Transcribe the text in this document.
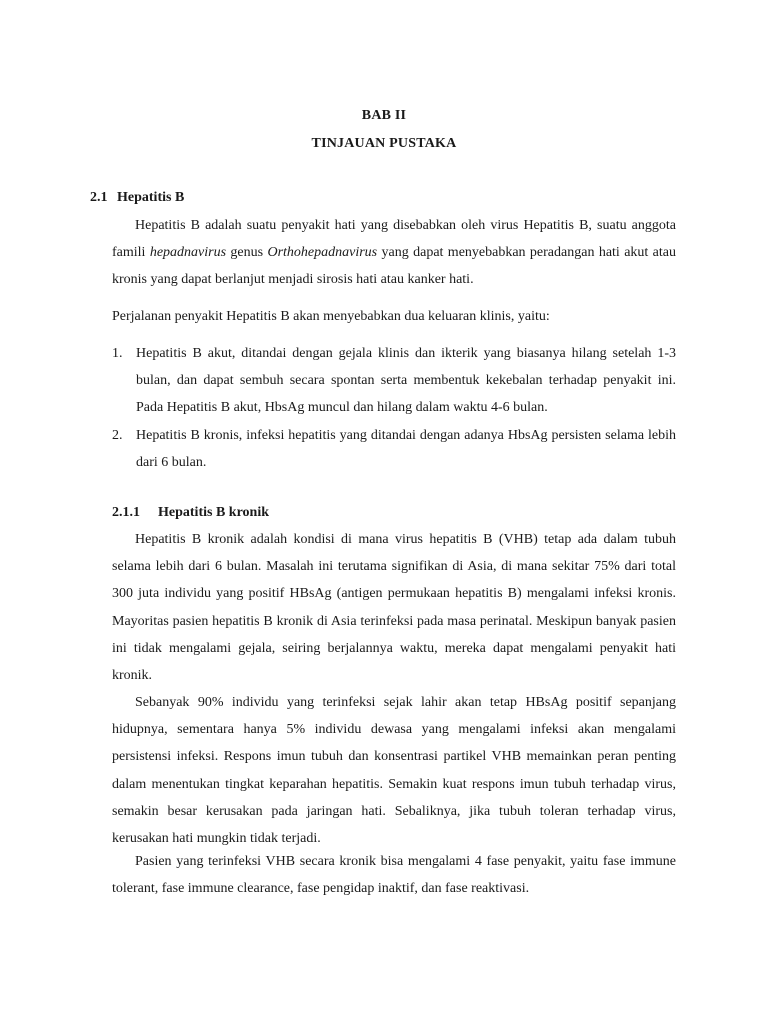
BAB II
TINJAUAN PUSTAKA
2.1 Hepatitis B

Hepatitis B adalah suatu penyakit hati yang disebabkan oleh virus Hepatitis B, suatu anggota famili hepadnavirus genus Orthohepadnavirus yang dapat menyebabkan peradangan hati akut atau kronis yang dapat berlanjut menjadi sirosis hati atau kanker hati.

Perjalanan penyakit Hepatitis B akan menyebabkan dua keluaran klinis, yaitu:

1. Hepatitis B akut, ditandai dengan gejala klinis dan ikterik yang biasanya hilang setelah 1-3 bulan, dan dapat sembuh secara spontan serta membentuk kekebalan terhadap penyakit ini. Pada Hepatitis B akut, HbsAg muncul dan hilang dalam waktu 4-6 bulan.
2. Hepatitis B kronis, infeksi hepatitis yang ditandai dengan adanya HbsAg persisten selama lebih dari 6 bulan.
2.1.1 Hepatitis B kronik

Hepatitis B kronik adalah kondisi di mana virus hepatitis B (VHB) tetap ada dalam tubuh selama lebih dari 6 bulan. Masalah ini terutama signifikan di Asia, di mana sekitar 75% dari total 300 juta individu yang positif HBsAg (antigen permukaan hepatitis B) mengalami infeksi kronis. Mayoritas pasien hepatitis B kronik di Asia terinfeksi pada masa perinatal. Meskipun banyak pasien ini tidak mengalami gejala, seiring berjalannya waktu, mereka dapat mengalami penyakit hati kronik.

Sebanyak 90% individu yang terinfeksi sejak lahir akan tetap HBsAg positif sepanjang hidupnya, sementara hanya 5% individu dewasa yang mengalami infeksi akan mengalami persistensi infeksi. Respons imun tubuh dan konsentrasi partikel VHB memainkan peran penting dalam menentukan tingkat keparahan hepatitis. Semakin kuat respons imun tubuh terhadap virus, semakin besar kerusakan pada jaringan hati. Sebaliknya, jika tubuh toleran terhadap virus, kerusakan hati mungkin tidak terjadi.

Pasien yang terinfeksi VHB secara kronik bisa mengalami 4 fase penyakit, yaitu fase immune tolerant, fase immune clearance, fase pengidap inaktif, dan fase reaktivasi.
